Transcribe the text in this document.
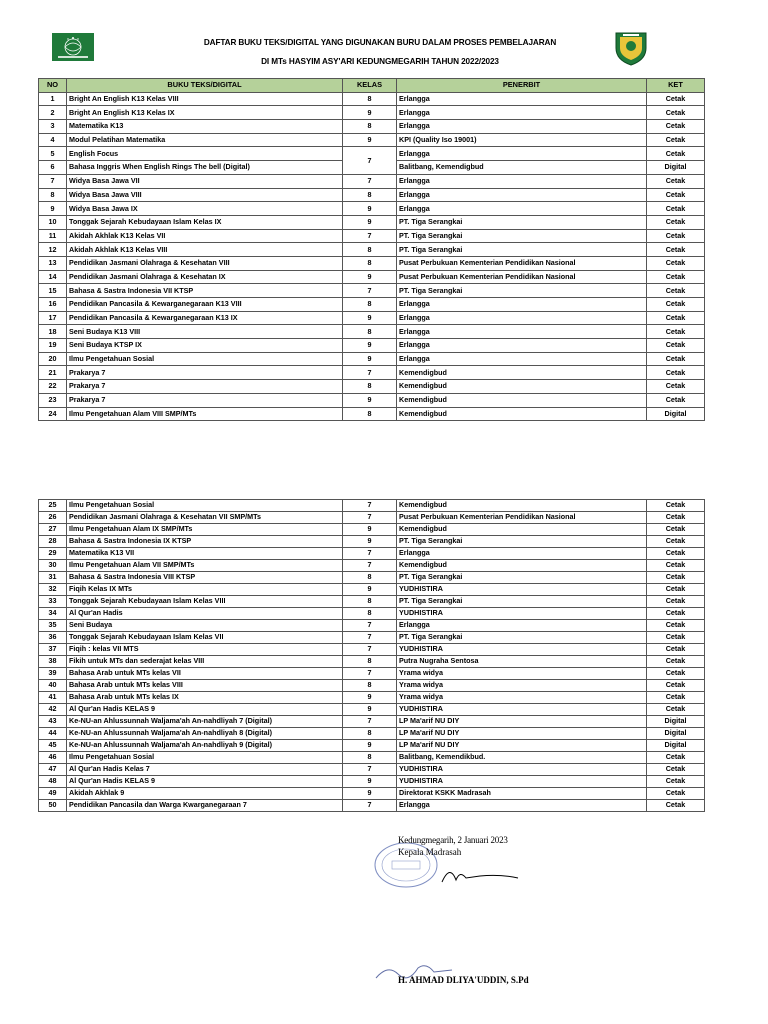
DAFTAR BUKU TEKS/DIGITAL YANG DIGUNAKAN BURU DALAM PROSES PEMBELAJARAN
DI MTs HASYIM ASY'ARI KEDUNGMEGARIH TAHUN 2022/2023
NO	BUKU TEKS/DIGITAL	KELAS	PENERBIT	KET
1	Bright An English K13 Kelas VIII	8	Erlangga	Cetak
2	Bright An English K13 Kelas IX	9	Erlangga	Cetak
3	Matematika K13	8	Erlangga	Cetak
4	Modul Pelatihan Matematika	9	KPI (Quality Iso 19001)	Cetak
5	English Focus	7	Erlangga	Cetak
6	Bahasa Inggris When English Rings The bell (Digital)		Balitbang, Kemendigbud	Digital
7	Widya Basa Jawa VII	7	Erlangga	Cetak
8	Widya Basa Jawa VIII	8	Erlangga	Cetak
9	Widya Basa Jawa IX	9	Erlangga	Cetak
10	Tonggak Sejarah Kebudayaan Islam Kelas IX	9	PT. Tiga Serangkai	Cetak
11	Akidah Akhlak K13 Kelas VII	7	PT. Tiga Serangkai	Cetak
12	Akidah Akhlak K13 Kelas VIII	8	PT. Tiga Serangkai	Cetak
13	Pendidikan Jasmani Olahraga & Kesehatan VIII	8	Pusat Perbukuan Kementerian Pendidikan Nasional	Cetak
14	Pendidikan Jasmani Olahraga & Kesehatan IX	9	Pusat Perbukuan Kementerian Pendidikan Nasional	Cetak
15	Bahasa & Sastra Indonesia VII KTSP	7	PT. Tiga Serangkai	Cetak
16	Pendidikan Pancasila & Kewarganegaraan K13 VIII	8	Erlangga	Cetak
17	Pendidikan Pancasila & Kewarganegaraan K13 IX	9	Erlangga	Cetak
18	Seni Budaya K13 VIII	8	Erlangga	Cetak
19	Seni Budaya KTSP IX	9	Erlangga	Cetak
20	Ilmu Pengetahuan Sosial	9	Erlangga	Cetak
21	Prakarya 7	7	Kemendigbud	Cetak
22	Prakarya 7	8	Kemendigbud	Cetak
23	Prakarya 7	9	Kemendigbud	Cetak
24	Ilmu Pengetahuan Alam VIII SMP/MTs	8	Kemendigbud	Digital
25	Ilmu Pengetahuan Sosial	7	Kemendigbud	Cetak
26	Pendidikan Jasmani Olahraga & Kesehatan VII SMP/MTs	7	Pusat Perbukuan Kementerian Pendidikan Nasional	Cetak
27	Ilmu Pengetahuan Alam IX SMP/MTs	9	Kemendigbud	Cetak
28	Bahasa & Sastra Indonesia IX KTSP	9	PT. Tiga Serangkai	Cetak
29	Matematika K13 VII	7	Erlangga	Cetak
30	Ilmu Pengetahuan Alam VII SMP/MTs	7	Kemendigbud	Cetak
31	Bahasa & Sastra Indonesia VIII KTSP	8	PT. Tiga Serangkai	Cetak
32	Fiqih Kelas IX MTs	9	YUDHISTIRA	Cetak
33	Tonggak Sejarah Kebudayaan Islam Kelas VIII	8	PT. Tiga Serangkai	Cetak
34	Al Qur'an Hadis	8	YUDHISTIRA	Cetak
35	Seni Budaya	7	Erlangga	Cetak
36	Tonggak Sejarah Kebudayaan Islam Kelas VII	7	PT. Tiga Serangkai	Cetak
37	Fiqih : kelas VII MTS	7	YUDHISTIRA	Cetak
38	Fikih untuk MTs dan sederajat kelas VIII	8	Putra Nugraha Sentosa	Cetak
39	Bahasa Arab untuk MTs kelas VII	7	Yrama widya	Cetak
40	Bahasa Arab untuk MTs kelas VIII	8	Yrama widya	Cetak
41	Bahasa Arab untuk MTs kelas IX	9	Yrama widya	Cetak
42	Al Qur'an Hadis KELAS 9	9	YUDHISTIRA	Cetak
43	Ke-NU-an Ahlussunnah Waljama'ah An-nahdliyah 7 (Digital)	7	LP Ma'arif NU DIY	Digital
44	Ke-NU-an Ahlussunnah Waljama'ah An-nahdliyah 8 (Digital)	8	LP Ma'arif NU DIY	Digital
45	Ke-NU-an Ahlussunnah Waljama'ah An-nahdliyah 9 (Digital)	9	LP Ma'arif NU DIY	Digital
46	Ilmu Pengetahuan Sosial	8	Balitbang, Kemendikbud.	Cetak
47	Al Qur'an Hadis Kelas 7	7	YUDHISTIRA	Cetak
48	Al Qur'an Hadis KELAS 9	9	YUDHISTIRA	Cetak
49	Akidah Akhlak 9	9	Direktorat KSKK Madrasah	Cetak
50	Pendidikan Pancasila dan Warga Kwarganegaraan 7	7	Erlangga	Cetak
Kedungmegarih, 2 Januari 2023
Kepala Madrasah
H. AHMAD DLIYA'UDDIN, S.Pd
